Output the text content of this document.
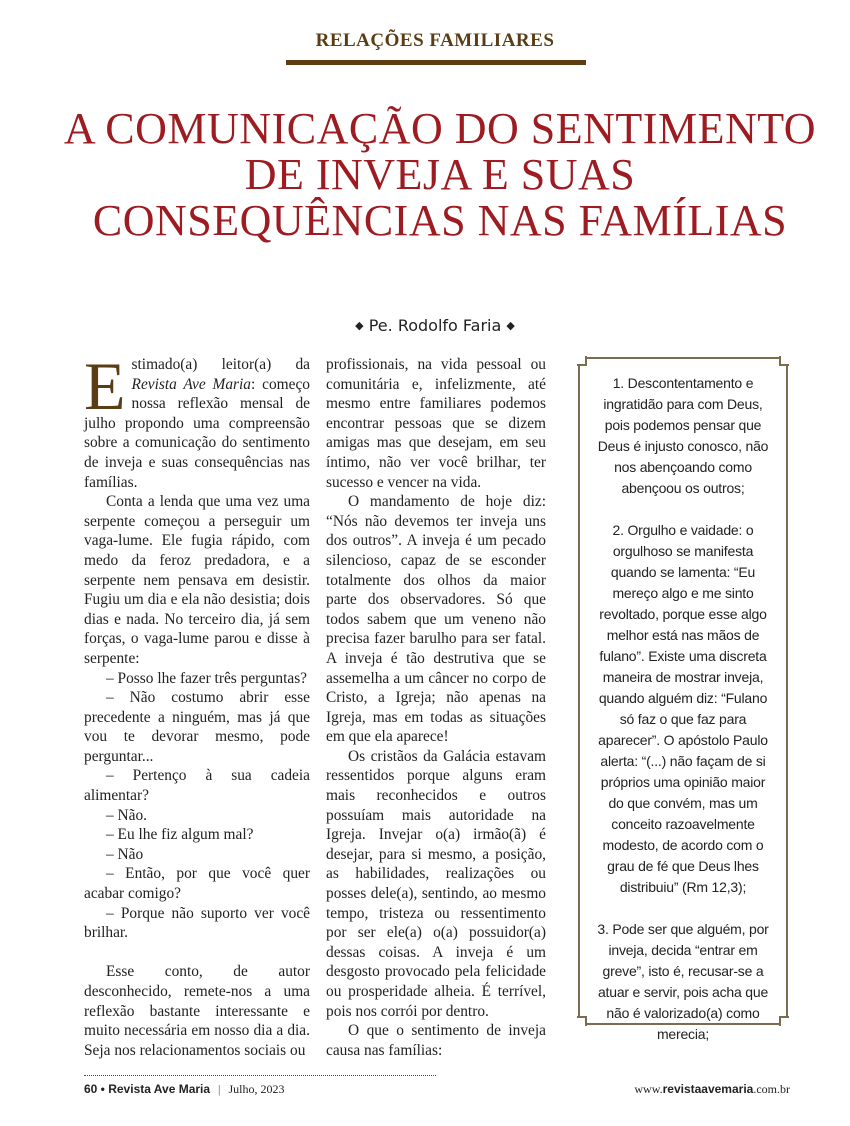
RELAÇÕES FAMILIARES
A COMUNICAÇÃO DO SENTIMENTO DE INVEJA E SUAS CONSEQUÊNCIAS NAS FAMÍLIAS
◆ Pe. Rodolfo Faria ◆

Estimado(a) leitor(a) da Revista Ave Maria: começo nossa reflexão mensal de julho propondo uma compreensão sobre a comunicação do sentimento de inveja e suas consequências nas famílias.

Conta a lenda que uma vez uma serpente começou a perseguir um vaga-lume. Ele fugia rápido, com medo da feroz predadora, e a serpente nem pensava em desistir. Fugiu um dia e ela não desistia; dois dias e nada. No terceiro dia, já sem forças, o vaga-lume parou e disse à serpente:

– Posso lhe fazer três perguntas?

– Não costumo abrir esse precedente a ninguém, mas já que vou te devorar mesmo, pode perguntar...

– Pertenço à sua cadeia alimentar?

– Não.

– Eu lhe fiz algum mal?

– Não

– Então, por que você quer acabar comigo?

– Porque não suporto ver você brilhar.

Esse conto, de autor desconhecido, remete-nos a uma reflexão bastante interessante e muito necessária em nosso dia a dia. Seja nos relacionamentos sociais ou

profissionais, na vida pessoal ou comunitária e, infelizmente, até mesmo entre familiares podemos encontrar pessoas que se dizem amigas mas que desejam, em seu íntimo, não ver você brilhar, ter sucesso e vencer na vida.

O mandamento de hoje diz: “Nós não devemos ter inveja uns dos outros”. A inveja é um pecado silencioso, capaz de se esconder totalmente dos olhos da maior parte dos observadores. Só que todos sabem que um veneno não precisa fazer barulho para ser fatal. A inveja é tão destrutiva que se assemelha a um câncer no corpo de Cristo, a Igreja; não apenas na Igreja, mas em todas as situações em que ela aparece!

Os cristãos da Galácia estavam ressentidos porque alguns eram mais reconhecidos e outros possuíam mais autoridade na Igreja. Invejar o(a) irmão(ã) é desejar, para si mesmo, a posição, as habilidades, realizações ou posses dele(a), sentindo, ao mesmo tempo, tristeza ou ressentimento por ser ele(a) o(a) possuidor(a) dessas coisas. A inveja é um desgosto provocado pela felicidade ou prosperidade alheia. É terrível, pois nos corrói por dentro.

O que o sentimento de inveja causa nas famílias:

1. Descontentamento e ingratidão para com Deus, pois podemos pensar que Deus é injusto conosco, não nos abençoando como abençoou os outros;

2. Orgulho e vaidade: o orgulhoso se manifesta quando se lamenta: “Eu mereço algo e me sinto revoltado, porque esse algo melhor está nas mãos de fulano”. Existe uma discreta maneira de mostrar inveja, quando alguém diz: “Fulano só faz o que faz para aparecer”. O apóstolo Paulo alerta: “(...) não façam de si próprios uma opinião maior do que convém, mas um conceito razoavelmente modesto, de acordo com o grau de fé que Deus lhes distribuiu” (Rm 12,3);

3. Pode ser que alguém, por inveja, decida “entrar em greve”, isto é, recusar-se a atuar e servir, pois acha que não é valorizado(a) como merecia;

60 • Revista Ave Maria | Julho, 2023	www.revistaavemaria.com.br
